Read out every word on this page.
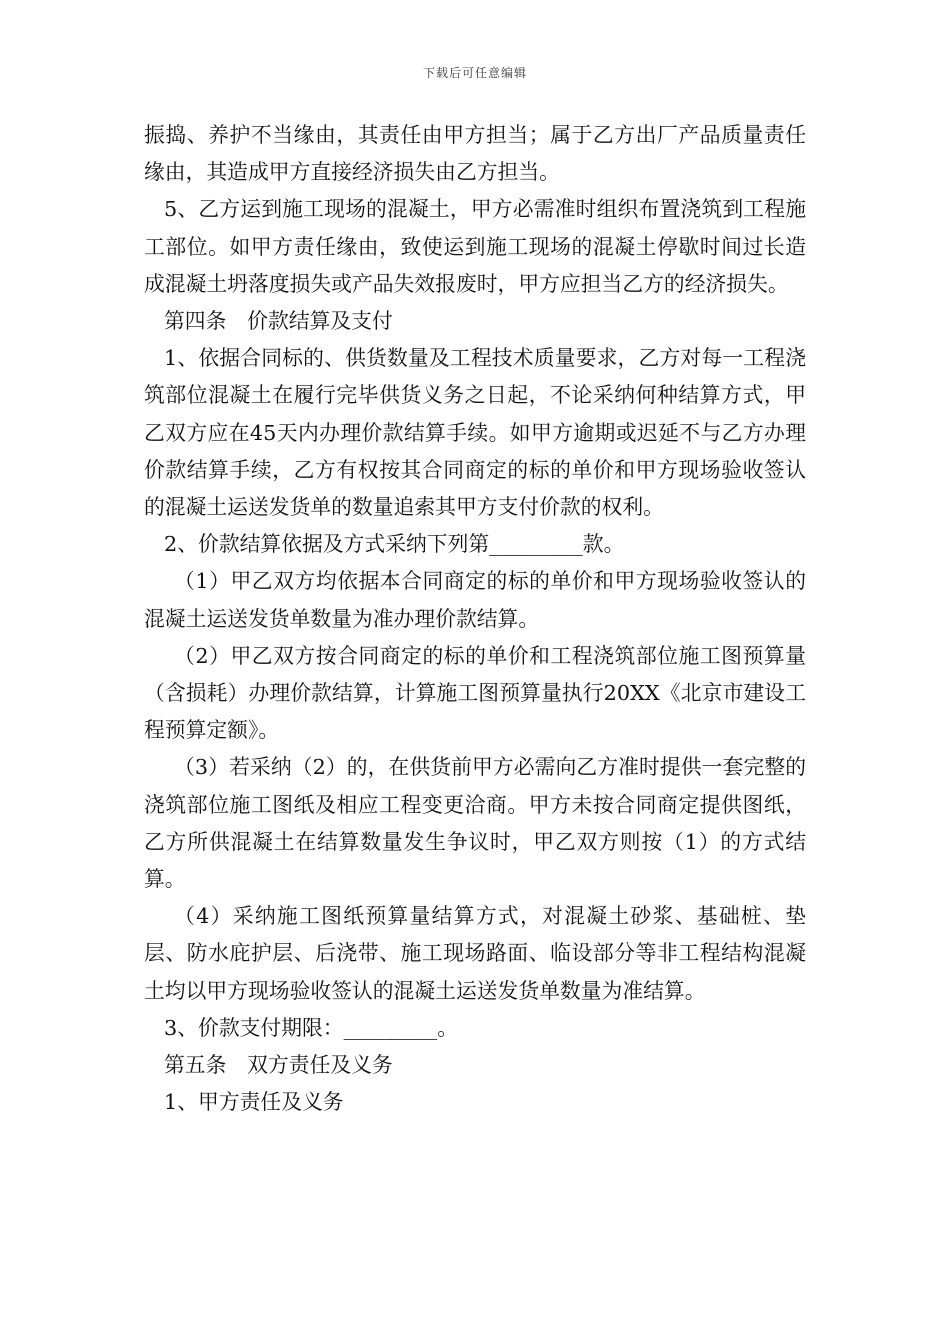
下载后可任意编辑

振捣、养护不当缘由，其责任由甲方担当；属于乙方出厂产品质量责任缘由，其造成甲方直接经济损失由乙方担当。

5、乙方运到施工现场的混凝土，甲方必需准时组织布置浇筑到工程施工部位。如甲方责任缘由，致使运到施工现场的混凝土停歇时间过长造成混凝土坍落度损失或产品失效报废时，甲方应担当乙方的经济损失。

第四条　价款结算及支付

1、依据合同标的、供货数量及工程技术质量要求，乙方对每一工程浇筑部位混凝土在履行完毕供货义务之日起，不论采纳何种结算方式，甲乙双方应在45天内办理价款结算手续。如甲方逾期或迟延不与乙方办理价款结算手续，乙方有权按其合同商定的标的单价和甲方现场验收签认的混凝土运送发货单的数量追索其甲方支付价款的权利。

2、价款结算依据及方式采纳下列第_________款。

（1）甲乙双方均依据本合同商定的标的单价和甲方现场验收签认的混凝土运送发货单数量为准办理价款结算。

（2）甲乙双方按合同商定的标的单价和工程浇筑部位施工图预算量（含损耗）办理价款结算，计算施工图预算量执行20XX《北京市建设工程预算定额》。

（3）若采纳（2）的，在供货前甲方必需向乙方准时提供一套完整的浇筑部位施工图纸及相应工程变更洽商。甲方未按合同商定提供图纸，乙方所供混凝土在结算数量发生争议时，甲乙双方则按（1）的方式结算。

（4）采纳施工图纸预算量结算方式，对混凝土砂浆、基础桩、垫层、防水庇护层、后浇带、施工现场路面、临设部分等非工程结构混凝土均以甲方现场验收签认的混凝土运送发货单数量为准结算。

3、价款支付期限：_________。

第五条　双方责任及义务

1、甲方责任及义务
